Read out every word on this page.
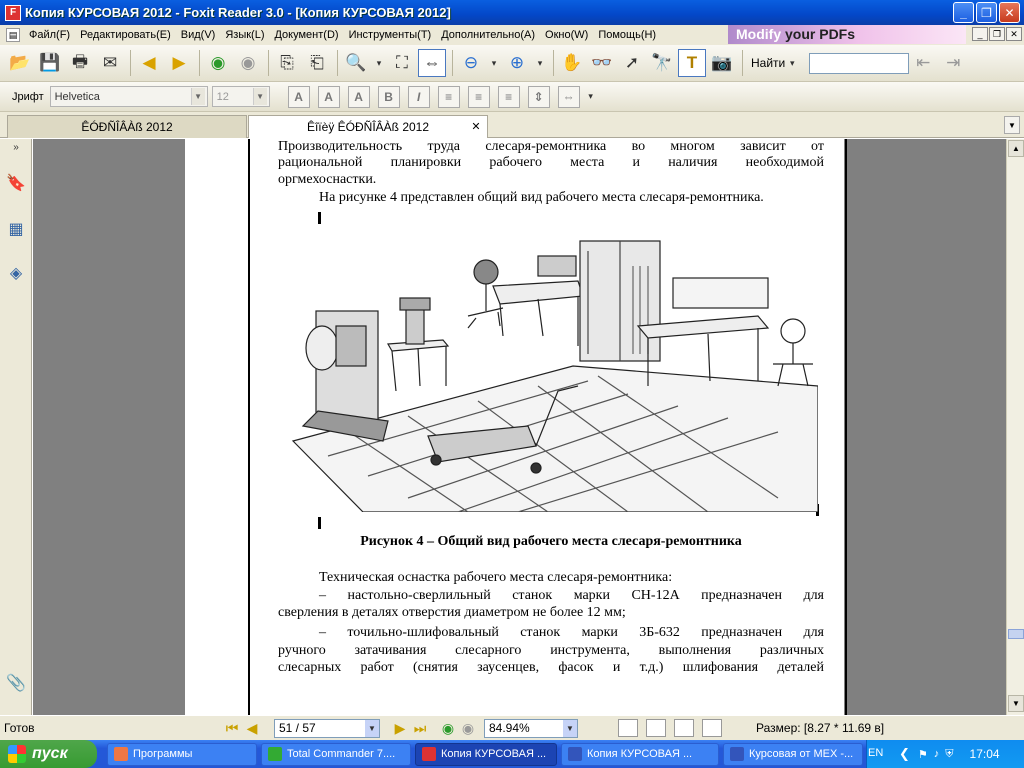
F Копия КУРСОВАЯ 2012 - Foxit Reader 3.0 - [Копия КУРСОВАЯ 2012]	_	❐	✕
▤	Файл(F) Редактировать(E) Вид(V) Язык(L) Документ(D) Инструменты(T) Дополнительно(A) Окно(W) Помощь(H)	Modify your PDFs	_	❐	✕
📂 💾 🖶 ✉	◀ ▶	◉ ◉	⎘ ⎗	🔍	▾ ⛶ ⇔	⊖	▾ ⊕	▾ ✋ 👓 ➚ 🔭 T 📷 Найти ▾	⇤ ⇥
Јрифт Helvetica	▼ 12	▼	A	A	A	B	I	≡	≡	≡	⇕	⇔	▾
ÊÓÐÑÎÂÀß 2012	Êîïèÿ ÊÓÐÑÎÂÀß 2012	✕	▼
»
🔖
▦
◈
📎
Производительность труда слесаря-ремонтника во многом зависит от
рациональной планировки рабочего места и наличия необходимой
оргмехоснастки.
На рисунке 4 представлен общий вид рабочего места слесаря-ремонтника.
Рисунок 4 – Общий вид рабочего места слесаря-ремонтника
Техническая оснастка рабочего места слесаря-ремонтника:
– настольно-сверлильный станок марки СН-12А предназначен для
сверления в деталях отверстия диаметром не более 12 мм;
– точильно-шлифовальный станок марки 3Б-632 предназначен для
ручного затачивания слесарного инструмента, выполнения различных
слесарных работ (снятия заусенцев, фасок и т.д.) шлифования деталей
▲
▼
Готов	⏮ ◀	51 / 57	▼	▶ ⏭ ◉ ◉	84.94%	▼	Размер: [8.27 * 11.69 в]
пуск	Программы	Total Commander 7....	Копия КУРСОВАЯ ...	Копия КУРСОВАЯ ...	Курсовая от МЕХ -...	❮ ⚑ ♪ ⛨ 17:04
EN
